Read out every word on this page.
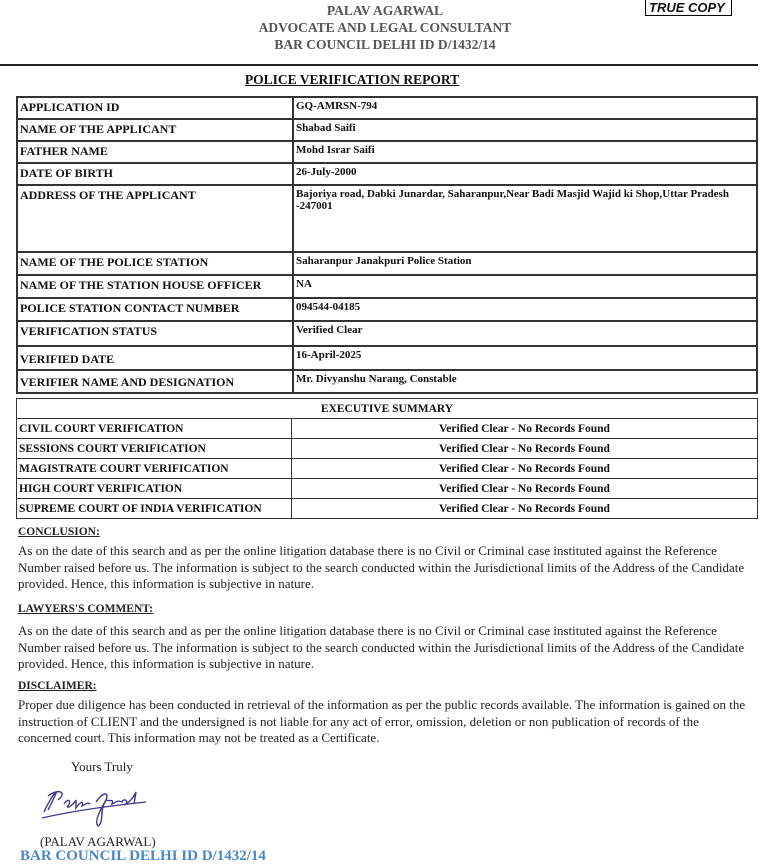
PALAV AGARWAL
ADVOCATE AND LEGAL CONSULTANT
BAR COUNCIL DELHI ID D/1432/14
TRUE COPY
POLICE VERIFICATION REPORT
APPLICATION ID	GQ-AMRSN-794
NAME OF THE APPLICANT	Shabad Saifi
FATHER NAME	Mohd Israr Saifi
DATE OF BIRTH	26-July-2000
ADDRESS OF THE APPLICANT	Bajoriya road, Dabki Junardar, Saharanpur,Near Badi Masjid Wajid ki Shop,Uttar Pradesh -247001
NAME OF THE POLICE STATION	Saharanpur Janakpuri Police Station
NAME OF THE STATION HOUSE OFFICER	NA
POLICE STATION CONTACT NUMBER	094544-04185
VERIFICATION STATUS	Verified Clear
VERIFIED DATE	16-April-2025
VERIFIER NAME AND DESIGNATION	Mr. Divyanshu Narang, Constable
EXECUTIVE SUMMARY	
CIVIL COURT VERIFICATION	Verified Clear - No Records Found
SESSIONS COURT VERIFICATION	Verified Clear - No Records Found
MAGISTRATE COURT VERIFICATION	Verified Clear - No Records Found
HIGH COURT VERIFICATION	Verified Clear - No Records Found
SUPREME COURT OF INDIA VERIFICATION	Verified Clear - No Records Found
CONCLUSION:
As on the date of this search and as per the online litigation database there is no Civil or Criminal case instituted against the Reference Number raised before us. The information is subject to the search conducted within the Jurisdictional limits of the Address of the Candidate provided. Hence, this information is subjective in nature.
LAWYERS'S COMMENT:
As on the date of this search and as per the online litigation database there is no Civil or Criminal case instituted against the Reference Number raised before us. The information is subject to the search conducted within the Jurisdictional limits of the Address of the Candidate provided. Hence, this information is subjective in nature.
DISCLAIMER:
Proper due diligence has been conducted in retrieval of the information as per the public records available. The information is gained on the instruction of CLIENT and the undersigned is not liable for any act of error, omission, deletion or non publication of records of the concerned court. This information may not be treated as a Certificate.
Yours Truly
(PALAV AGARWAL)
BAR COUNCIL DELHI ID D/1432/14
